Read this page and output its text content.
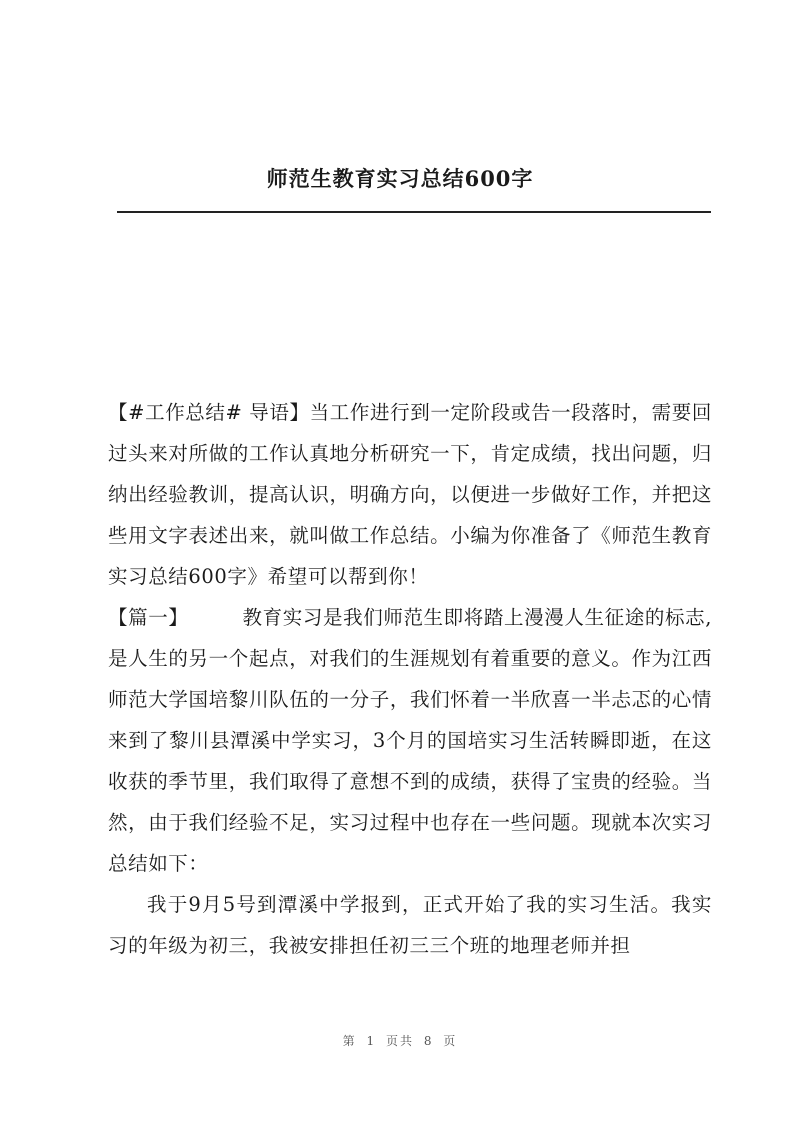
师范生教育实习总结600字

【#工作总结# 导语】当工作进行到一定阶段或告一段落时，需要回过头来对所做的工作认真地分析研究一下，肯定成绩，找出问题，归纳出经验教训，提高认识，明确方向，以便进一步做好工作，并把这些用文字表述出来，就叫做工作总结。小编为你准备了《师范生教育实习总结600字》希望可以帮到你！

【篇一】	教育实习是我们师范生即将踏上漫漫人生征途的标志,是人生的另一个起点，对我们的生涯规划有着重要的意义。作为江西师范大学国培黎川队伍的一分子，我们怀着一半欣喜一半忐忑的心情来到了黎川县潭溪中学实习，3个月的国培实习生活转瞬即逝，在这收获的季节里，我们取得了意想不到的成绩，获得了宝贵的经验。当然，由于我们经验不足，实习过程中也存在一些问题。现就本次实习总结如下：

我于9月5号到潭溪中学报到，正式开始了我的实习生活。我实习的年级为初三，我被安排担任初三三个班的地理老师并担

第 1 页共 8 页
